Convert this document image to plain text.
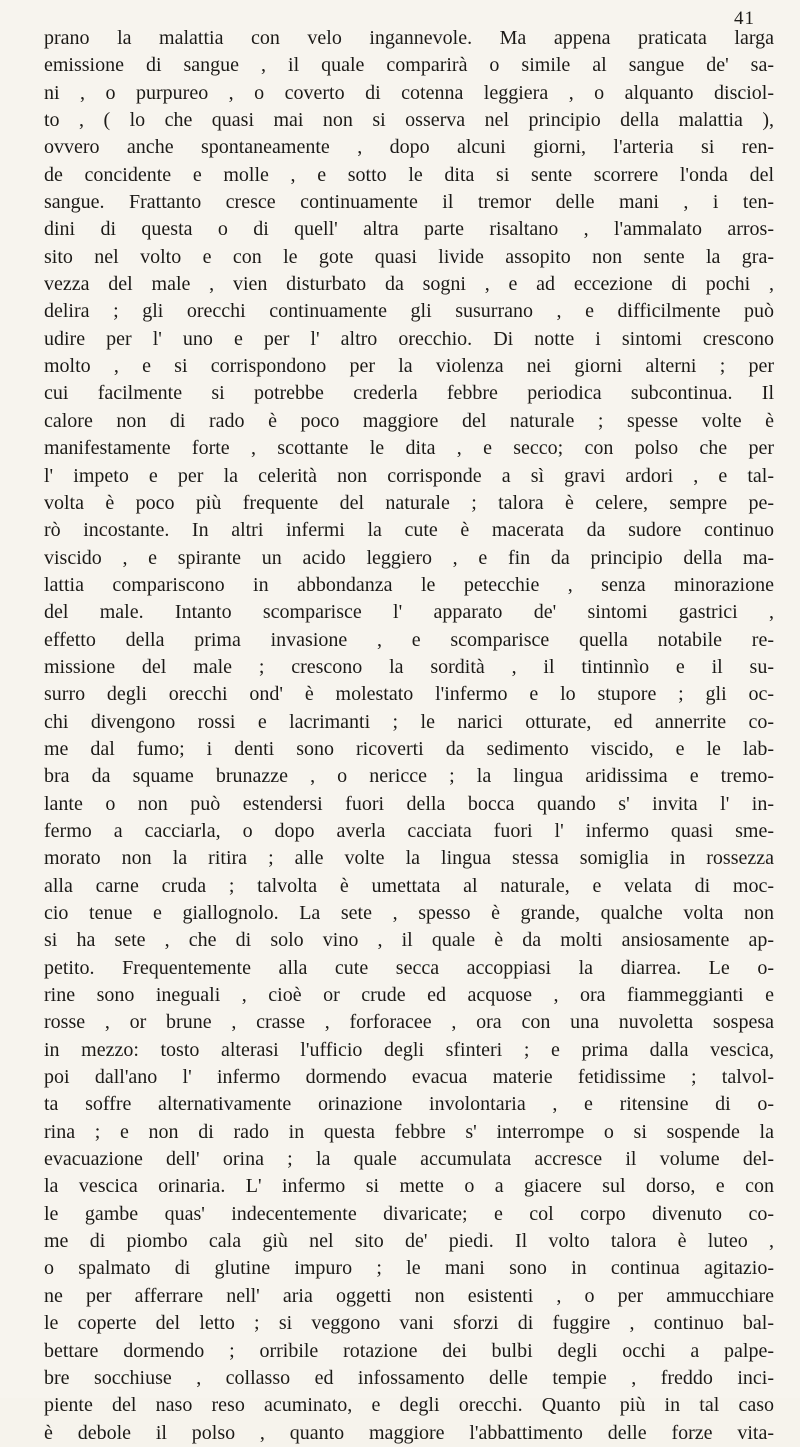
41
prano la malattia con velo ingannevole. Ma appena praticata larga
emissione di sangue , il quale comparirà o simile al sangue de' sa-
ni , o purpureo , o coverto di cotenna leggiera , o alquanto disciol-
to , ( lo che quasi mai non si osserva nel principio della malattia ),
ovvero anche spontaneamente , dopo alcuni giorni, l'arteria si ren-
de concidente e molle , e sotto le dita si sente scorrere l'onda del
sangue. Frattanto cresce continuamente il tremor delle mani , i ten-
dini di questa o di quell' altra parte risaltano , l'ammalato arros-
sito nel volto e con le gote quasi livide assopito non sente la gra-
vezza del male , vien disturbato da sogni , e ad eccezione di pochi ,
delira ; gli orecchi continuamente gli susurrano , e difficilmente può
udire per l' uno e per l' altro orecchio. Di notte i sintomi crescono
molto , e si corrispondono per la violenza nei giorni alterni ; per
cui facilmente si potrebbe crederla febbre periodica subcontinua. Il
calore non di rado è poco maggiore del naturale ; spesse volte è
manifestamente forte , scottante le dita , e secco; con polso che per
l' impeto e per la celerità non corrisponde a sì gravi ardori , e tal-
volta è poco più frequente del naturale ; talora è celere, sempre pe-
rò incostante. In altri infermi la cute è macerata da sudore continuo
viscido , e spirante un acido leggiero , e fin da principio della ma-
lattia compariscono in abbondanza le petecchie , senza minorazione
del male. Intanto scomparisce l' apparato de' sintomi gastrici ,
effetto della prima invasione , e scomparisce quella notabile re-
missione del male ; crescono la sordità , il tintinnìo e il su-
surro degli orecchi ond' è molestato l'infermo e lo stupore ; gli oc-
chi divengono rossi e lacrimanti ; le narici otturate, ed annerrite co-
me dal fumo; i denti sono ricoverti da sedimento viscido, e le lab-
bra da squame brunazze , o nericce ; la lingua aridissima e tremo-
lante o non può estendersi fuori della bocca quando s' invita l' in-
fermo a cacciarla, o dopo averla cacciata fuori l' infermo quasi sme-
morato non la ritira ; alle volte la lingua stessa somiglia in rossezza
alla carne cruda ; talvolta è umettata al naturale, e velata di moc-
cio tenue e giallognolo. La sete , spesso è grande, qualche volta non
si ha sete , che di solo vino , il quale è da molti ansiosamente ap-
petito. Frequentemente alla cute secca accoppiasi la diarrea. Le o-
rine sono ineguali , cioè or crude ed acquose , ora fiammeggianti e
rosse , or brune , crasse , forforacee , ora con una nuvoletta sospesa
in mezzo: tosto alterasi l'ufficio degli sfinteri ; e prima dalla vescica,
poi dall'ano l' infermo dormendo evacua materie fetidissime ; talvol-
ta soffre alternativamente orinazione involontaria , e ritensine di o-
rina ; e non di rado in questa febbre s' interrompe o si sospende la
evacuazione dell' orina ; la quale accumulata accresce il volume del-
la vescica orinaria. L' infermo si mette o a giacere sul dorso, e con
le gambe quas' indecentemente divaricate; e col corpo divenuto co-
me di piombo cala giù nel sito de' piedi. Il volto talora è luteo ,
o spalmato di glutine impuro ; le mani sono in continua agitazio-
ne per afferrare nell' aria oggetti non esistenti , o per ammucchiare
le coperte del letto ; si veggono vani sforzi di fuggire , continuo bal-
bettare dormendo ; orribile rotazione dei bulbi degli occhi a palpe-
bre socchiuse , collasso ed infossamento delle tempie , freddo inci-
piente del naso reso acuminato, e degli orecchi. Quanto più in tal caso
è debole il polso , quanto maggiore l'abbattimento delle forze vita-
